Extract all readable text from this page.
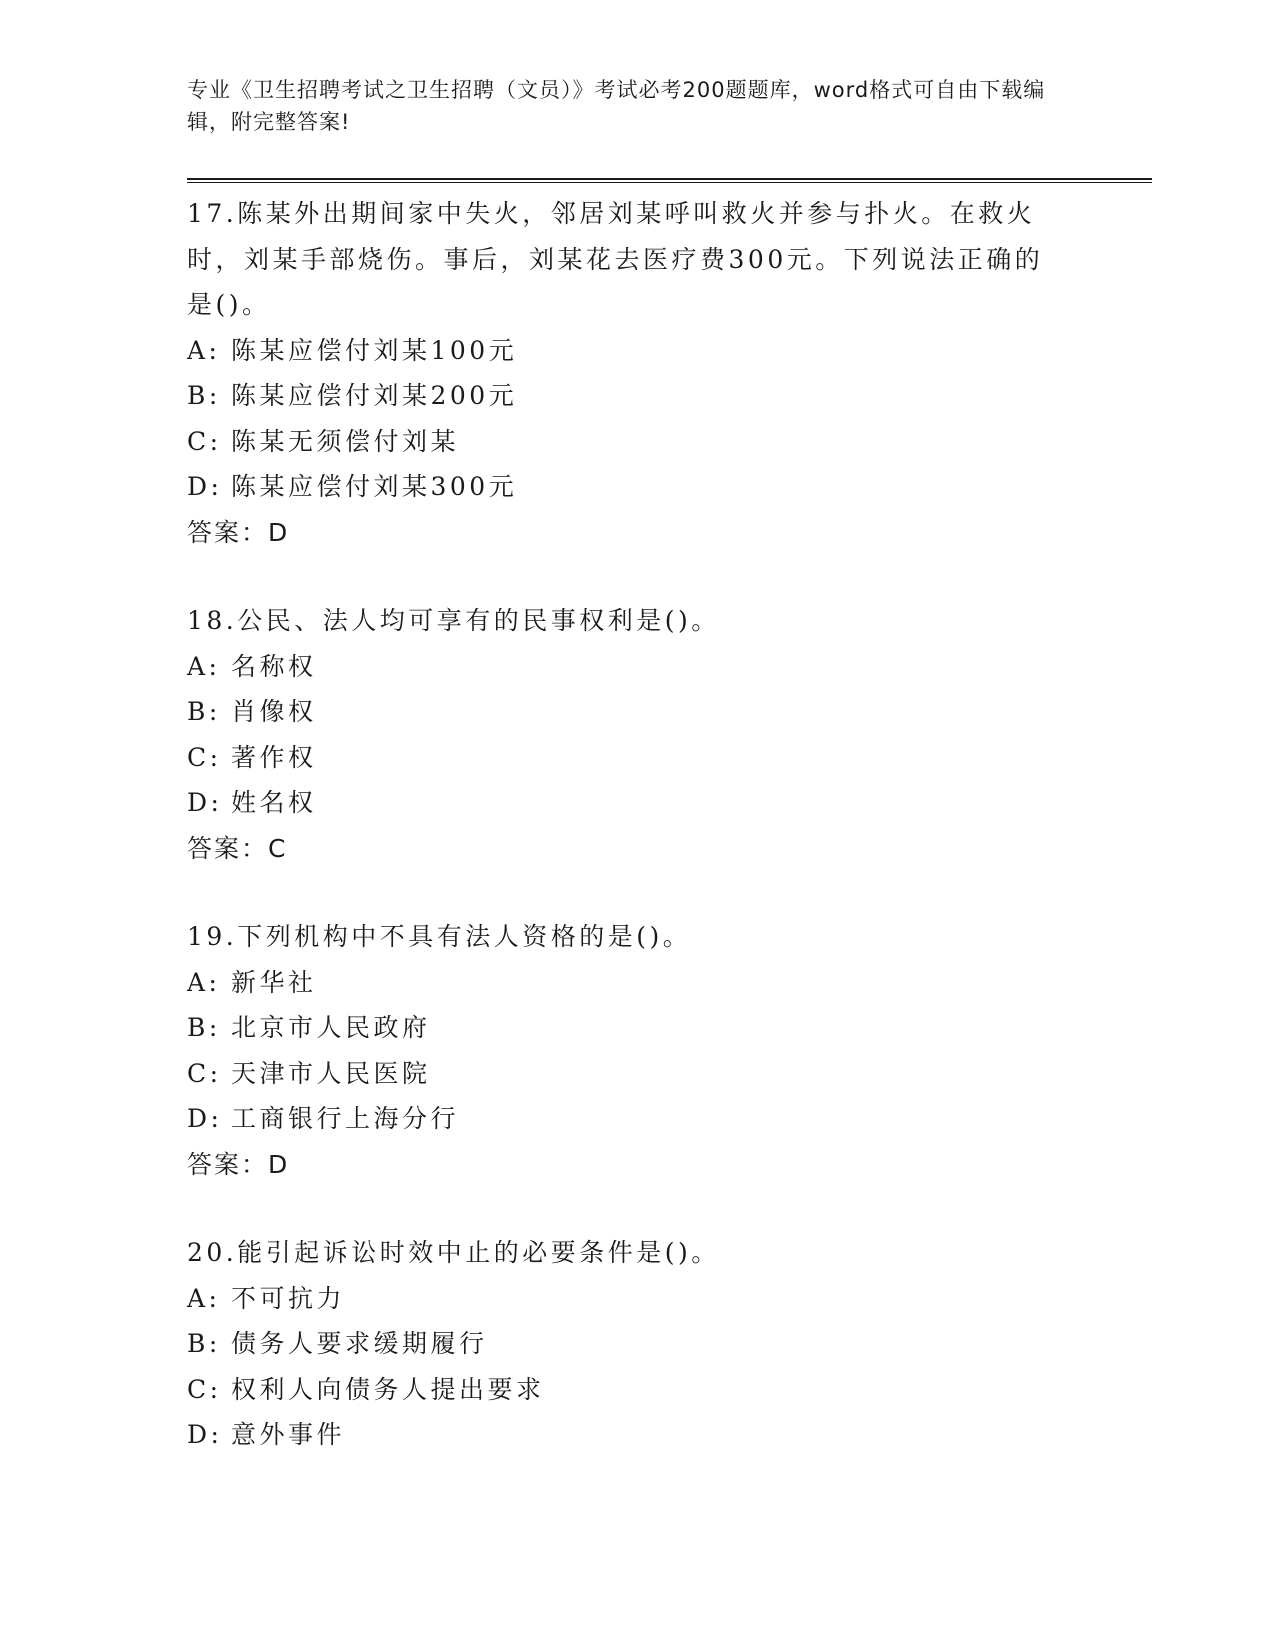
专业《卫生招聘考试之卫生招聘（文员）》考试必考200题题库，word格式可自由下载编辑，附完整答案!
17.陈某外出期间家中失火，邻居刘某呼叫救火并参与扑火。在救火时，刘某手部烧伤。事后，刘某花去医疗费300元。下列说法正确的是()。
A: 陈某应偿付刘某100元
B: 陈某应偿付刘某200元
C: 陈某无须偿付刘某
D: 陈某应偿付刘某300元
答案：D
18.公民、法人均可享有的民事权利是()。
A: 名称权
B: 肖像权
C: 著作权
D: 姓名权
答案：C
19.下列机构中不具有法人资格的是()。
A: 新华社
B: 北京市人民政府
C: 天津市人民医院
D: 工商银行上海分行
答案：D
20.能引起诉讼时效中止的必要条件是()。
A: 不可抗力
B: 债务人要求缓期履行
C: 权利人向债务人提出要求
D: 意外事件
